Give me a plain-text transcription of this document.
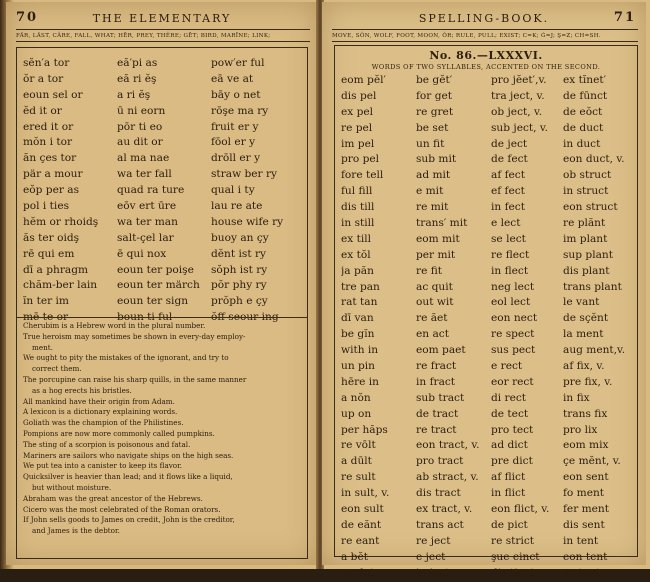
70	THE ELEMENTARY
FÄR, LÄST, CÂRE, FALL, WHAT; HĒR, PREY, THÊRE; GĒT; BIRD, MARĪNE; LINK;
sĕn′a tor	eă′pi as	pow′er ful
ŏr a tor	eă ri ĕş	eā ve at
eoun sel or	a ri ĕş	bāy o net
ĕd it or	ū ni eorn	rōşe ma ry
ered it or	pōr ti eo	fruit er y
mŏn i tor	au dit or	fōol er y
ăn çes tor	al ma nae	drōll er y
pär a mour	wa ter fall	straw ber ry
eŏp per as	quad ra ture	qual i ty
pol i ties	eōv ert ūre	lau re ate
hĕm or rhoidş	wa ter man	house wife ry
ăs ter oidş	salt-çel lar	buoy an çy
rē qui em	ē qui nox	dĕnt ist ry
dī a phragm	eoun ter poişe	sŏph ist ry
chăm-ber lain	eoun ter märch	pŏr phy ry
ĭn ter im	eoun ter sign	prŏph e çy
mē te or	boun ti ful	ŏff seour ing
Cherubim is a Hebrew word in the plural number.
True heroism may sometimes be shown in every-day employ-
ment.
We ought to pity the mistakes of the ignorant, and try to
correct them.
The porcupine can raise his sharp quills, in the same manner
as a hog erects his bristles.
All mankind have their origin from Adam.
A lexicon is a dictionary explaining words.
Goliath was the champion of the Philistines.
Pompions are now more commonly called pumpkins.
The sting of a scorpion is poisonous and fatal.
Mariners are sailors who navigate ships on the high seas.
We put tea into a canister to keep its flavor.
Quicksilver is heavier than lead; and it flows like a liquid,
but without moisture.
Abraham was the great ancestor of the Hebrews.
Cicero was the most celebrated of the Roman orators.
If John sells goods to James on credit, John is the creditor,
and James is the debtor.
SPELLING-BOOK.	71
MOVE, SŎN, WOLF, FOOT, MOON, ŎR; RULE, PULL; EXIST; C=K; Ġ=J; Ş=Z; CH=SH.
No. 86.—LXXXVI.
WORDS OF TWO SYLLABLES, ACCENTED ON THE SECOND.
eom pĕl′	be gĕt′	pro jĕet′,v.	ex tĭnet′
dis pel	for get	tra ject, v.	de fūnct
ex pel	re gret	ob ject, v.	de eŏct
re pel	be set	sub ject, v.	de duct
im pel	un fit	de ject	in duct
pro pel	sub mit	de fect	eon duct, v.
fore tell	ad mit	af fect	ob struct
ful fill	e mit	ef fect	in struct
dis till	re mit	in fect	eon struct
in still	trans′ mit	e lect	re plănt
ex till	eom mit	se lect	im plant
ex tŏl	per mit	re flect	sup plant
ja păn	re fit	in flect	dis plant
tre pan	ac quit	neg lect	trans plant
rat tan	out wit	eol lect	le vant
dī van	re ăet	eon nect	de sçĕnt
be gĭn	en act	re spect	la ment
with in	eom paet	sus pect	aug ment,v.
un pin	re fract	e rect	af fix, v.
hēre in	in fract	eor rect	pre fix, v.
a nŏn	sub tract	di rect	in fix
up on	de tract	de tect	trans fix
per hăps	re tract	pro tect	pro lix
re vōlt	eon tract, v.	ad dict	eom mix
a dūlt	pro tract	pre dict	çe mĕnt, v.
re sult	ab stract, v.	af flict	eon sent
in sult, v.	dis tract	in flict	fo ment
eon sult	ex tract, v.	eon flict, v.	fer ment
de eănt	trans act	de pict	dis sent
re eant	re ject	re strict	in tent
a bĕt	e ject	şue einct	eon tent
ea det	in ject	dis tinct	ex tent
